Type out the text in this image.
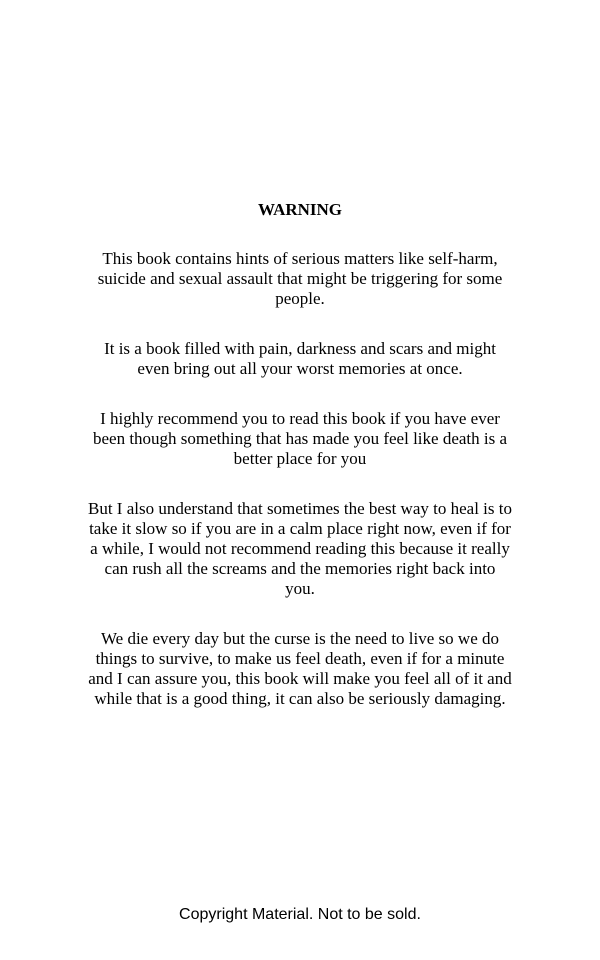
WARNING

This book contains hints of serious matters like self-harm, suicide and sexual assault that might be triggering for some people.

It is a book filled with pain, darkness and scars and might even bring out all your worst memories at once.

I highly recommend you to read this book if you have ever been though something that has made you feel like death is a better place for you

But I also understand that sometimes the best way to heal is to take it slow so if you are in a calm place right now, even if for a while, I would not recommend reading this because it really can rush all the screams and the memories right back into you.

We die every day but the curse is the need to live so we do things to survive, to make us feel death, even if for a minute and I can assure you, this book will make you feel all of it and while that is a good thing, it can also be seriously damaging.

Copyright Material. Not to be sold.
